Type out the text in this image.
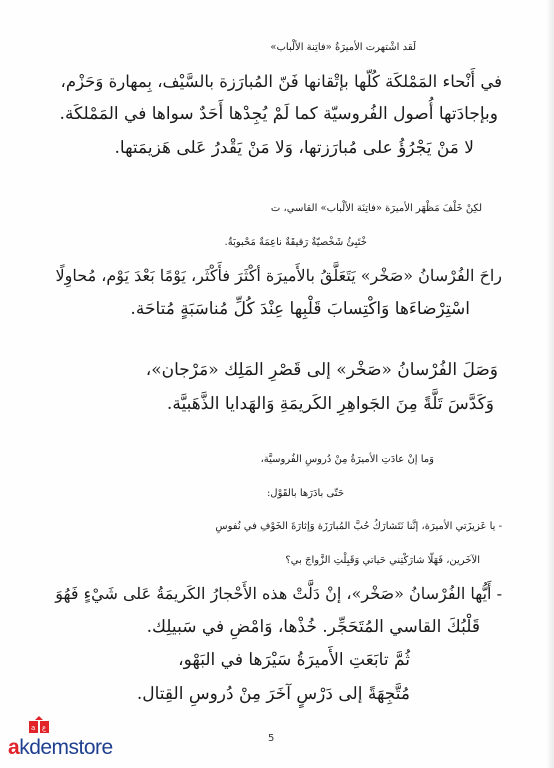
لَقد اشْتهرت الأميرَةُ «فاتِنة الألْباب»
في أَنْحاء المَمْلكَة كُلّها بإتْقانها فَنّ المُبارَزة بالسَّيْف، بِمهارة وَحَزْم،
وبإجادَتها أُصول الفُروسيّة كما لَمْ يُجِدْها أَحَدٌ سواها في المَمْلكَة.
لا مَنْ يَجْرُؤُ على مُبارَزتها، وَلا مَنْ يَقْدرُ عَلى هَزيمَتها.
لكِنْ خَلْفَ مَظْهَر الأميرَة «فاتِنَة الألْباب» القاسي، ت
خْتَبِئُ شَخْصيّةٌ رَقيقَةٌ ناعِمَةٌ مَحْبوبَةٌ.
راحَ الفُرْسانُ «صَخْر» يَتَعَلَّقُ بالأَميرَة أكْثَرَ فأَكْثَر، يَوْمًا بَعْدَ يَوْم، مُحاوِلًا
اسْتِرْضاءَها وَاكْتِسابَ قَلْبِها عِنْدَ كُلِّ مُناسَبَةٍ مُتاحَة.
وَصَلَ الفُرْسانُ «صَخْر» إلى قَصْرِ المَلِك «مَرْجان»،
وَكَدَّسَ تَلَّةً مِنَ الجَواهِرِ الكَريمَةِ وَالهَدايا الذَّهَبيَّة.
وَما إنْ عادَتِ الأميرَةُ مِنْ دُروسِ الفُروسيَّة،
حَتّى بادَرَها بالقَوْل:
- يا عَزيزَتي الأميرَة، إنَّنا نَتَشارَكُ حُبَّ المُبارَزَة وَإثارَةَ الخَوْفِ في نُفوسِ
الآخَرين، فَهَلّا شارَكْتِني حَياتي وَقَبِلْتِ الزَّواجَ بي؟
- أَيُّها الفُرْسانُ «صَخْر»، إنْ دَلَّتْ هذه الأَحْجارُ الكَريمَةُ عَلى شَيْءٍ فَهُوَ
قَلْبُكَ القاسي المُتَحَجِّر. خُذْها، وَامْضِ في سَبيلِك.
ثُمَّ تابَعَتِ الأَميرَةُ سَيْرَها في البَهْو،
مُتَّجِهَةً إلى دَرْسٍ آخَرَ مِنْ دُروسِ القِتال.
5
a ع
akdemstore
